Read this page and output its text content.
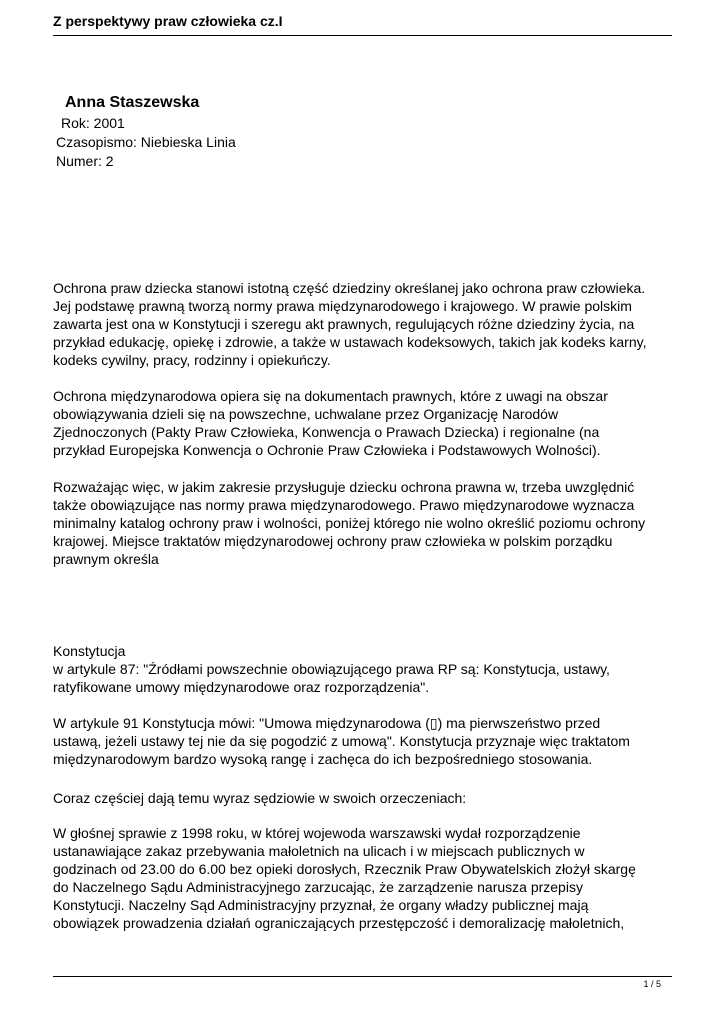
Z perspektywy praw człowieka cz.I
Anna Staszewska
Rok: 2001
Czasopismo: Niebieska Linia
Numer: 2
Ochrona praw dziecka stanowi istotną część dziedziny określanej jako ochrona praw człowieka.
Jej podstawę prawną tworzą normy prawa międzynarodowego i krajowego. W prawie polskim
zawarta jest ona w Konstytucji i szeregu akt prawnych, regulujących różne dziedziny życia, na
przykład edukację, opiekę i zdrowie, a także w ustawach kodeksowych, takich jak kodeks karny,
kodeks cywilny, pracy, rodzinny i opiekuńczy.
Ochrona międzynarodowa opiera się na dokumentach prawnych, które z uwagi na obszar
obowiązywania dzieli się na powszechne, uchwalane przez Organizację Narodów
Zjednoczonych (Pakty Praw Człowieka, Konwencja o Prawach Dziecka) i regionalne (na
przykład Europejska Konwencja o Ochronie Praw Człowieka i Podstawowych Wolności).
Rozważając więc, w jakim zakresie przysługuje dziecku ochrona prawna w, trzeba uwzględnić
także obowiązujące nas normy prawa międzynarodowego. Prawo międzynarodowe wyznacza
minimalny katalog ochrony praw i wolności, poniżej którego nie wolno określić poziomu ochrony
krajowej. Miejsce traktatów międzynarodowej ochrony praw człowieka w polskim porządku
prawnym określa
Konstytucja
w artykule 87: "Źródłami powszechnie obowiązującego prawa RP są: Konstytucja, ustawy,
ratyfikowane umowy międzynarodowe oraz rozporządzenia".
W artykule 91 Konstytucja mówi: "Umowa międzynarodowa (▯) ma pierwszeństwo przed
ustawą, jeżeli ustawy tej nie da się pogodzić z umową". Konstytucja przyznaje więc traktatom
międzynarodowym bardzo wysoką rangę i zachęca do ich bezpośredniego stosowania.
Coraz częściej dają temu wyraz sędziowie w swoich orzeczeniach:
W głośnej sprawie z 1998 roku, w której wojewoda warszawski wydał rozporządzenie
ustanawiające zakaz przebywania małoletnich na ulicach i w miejscach publicznych w
godzinach od 23.00 do 6.00 bez opieki dorosłych, Rzecznik Praw Obywatelskich złożył skargę
do Naczelnego Sądu Administracyjnego zarzucając, że zarządzenie narusza przepisy
Konstytucji. Naczelny Sąd Administracyjny przyznał, że organy władzy publicznej mają
obowiązek prowadzenia działań ograniczających przestępczość i demoralizację małoletnich,
1 / 5
